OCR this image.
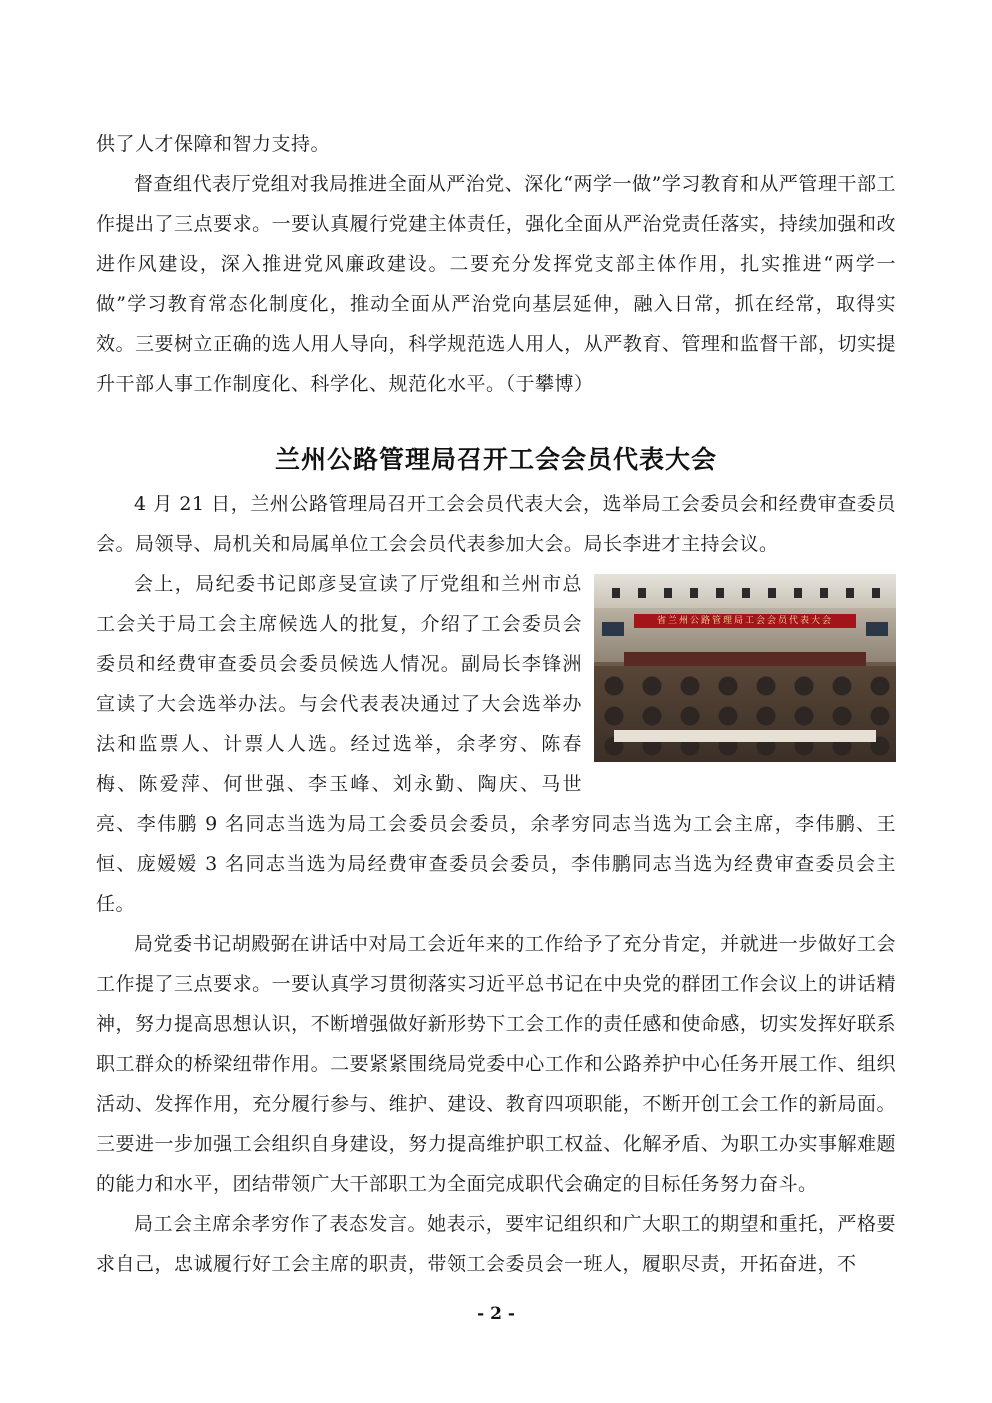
供了人才保障和智力支持。

督查组代表厅党组对我局推进全面从严治党、深化“两学一做”学习教育和从严管理干部工作提出了三点要求。一要认真履行党建主体责任，强化全面从严治党责任落实，持续加强和改进作风建设，深入推进党风廉政建设。二要充分发挥党支部主体作用，扎实推进“两学一做”学习教育常态化制度化，推动全面从严治党向基层延伸，融入日常，抓在经常，取得实效。三要树立正确的选人用人导向，科学规范选人用人，从严教育、管理和监督干部，切实提升干部人事工作制度化、科学化、规范化水平。（于攀博）

兰州公路管理局召开工会会员代表大会

4 月 21 日，兰州公路管理局召开工会会员代表大会，选举局工会委员会和经费审查委员会。局领导、局机关和局属单位工会会员代表参加大会。局长李进才主持会议。

省兰州公路管理局工会会员代表大会

会上，局纪委书记郎彦旻宣读了厅党组和兰州市总工会关于局工会主席候选人的批复，介绍了工会委员会委员和经费审查委员会委员候选人情况。副局长李锋洲宣读了大会选举办法。与会代表表决通过了大会选举办法和监票人、计票人人选。经过选举，余孝穷、陈春梅、陈爱萍、何世强、李玉峰、刘永勤、陶庆、马世亮、李伟鹏 9 名同志当选为局工会委员会委员，余孝穷同志当选为工会主席，李伟鹏、王恒、庞嫒嫒 3 名同志当选为局经费审查委员会委员，李伟鹏同志当选为经费审查委员会主任。

局党委书记胡殿弼在讲话中对局工会近年来的工作给予了充分肯定，并就进一步做好工会工作提了三点要求。一要认真学习贯彻落实习近平总书记在中央党的群团工作会议上的讲话精神，努力提高思想认识，不断增强做好新形势下工会工作的责任感和使命感，切实发挥好联系职工群众的桥梁纽带作用。二要紧紧围绕局党委中心工作和公路养护中心任务开展工作、组织活动、发挥作用，充分履行参与、维护、建设、教育四项职能，不断开创工会工作的新局面。三要进一步加强工会组织自身建设，努力提高维护职工权益、化解矛盾、为职工办实事解难题的能力和水平，团结带领广大干部职工为全面完成职代会确定的目标任务努力奋斗。

局工会主席余孝穷作了表态发言。她表示，要牢记组织和广大职工的期望和重托，严格要求自己，忠诚履行好工会主席的职责，带领工会委员会一班人，履职尽责，开拓奋进，不

- 2 -
